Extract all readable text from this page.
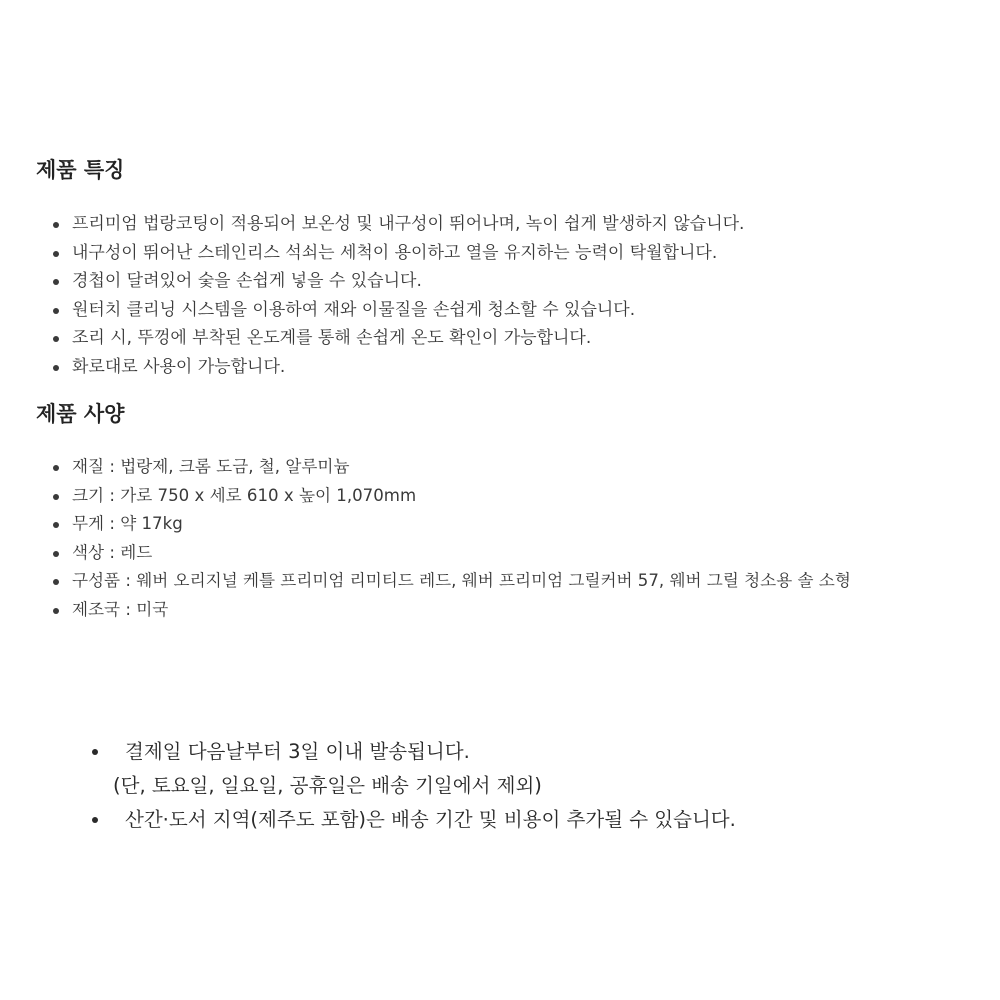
제품 특징
프리미엄 법랑코팅이 적용되어 보온성 및 내구성이 뛰어나며, 녹이 쉽게 발생하지 않습니다.
내구성이 뛰어난 스테인리스 석쇠는 세척이 용이하고 열을 유지하는 능력이 탁월합니다.
경첩이 달려있어 숯을 손쉽게 넣을 수 있습니다.
원터치 클리닝 시스템을 이용하여 재와 이물질을 손쉽게 청소할 수 있습니다.
조리 시, 뚜껑에 부착된 온도계를 통해 손쉽게 온도 확인이 가능합니다.
화로대로 사용이 가능합니다.
제품 사양
재질 : 법랑제, 크롬 도금, 철, 알루미늄
크기 : 가로 750 x 세로 610 x 높이 1,070mm
무게 : 약 17kg
색상 : 레드
구성품 : 웨버 오리지널 케틀 프리미엄 리미티드 레드, 웨버 프리미엄 그릴커버 57, 웨버 그릴 청소용 솔 소형
제조국 : 미국
결제일 다음날부터 3일 이내 발송됩니다.
(단, 토요일, 일요일, 공휴일은 배송 기일에서 제외)
산간·도서 지역(제주도 포함)은 배송 기간 및 비용이 추가될 수 있습니다.
